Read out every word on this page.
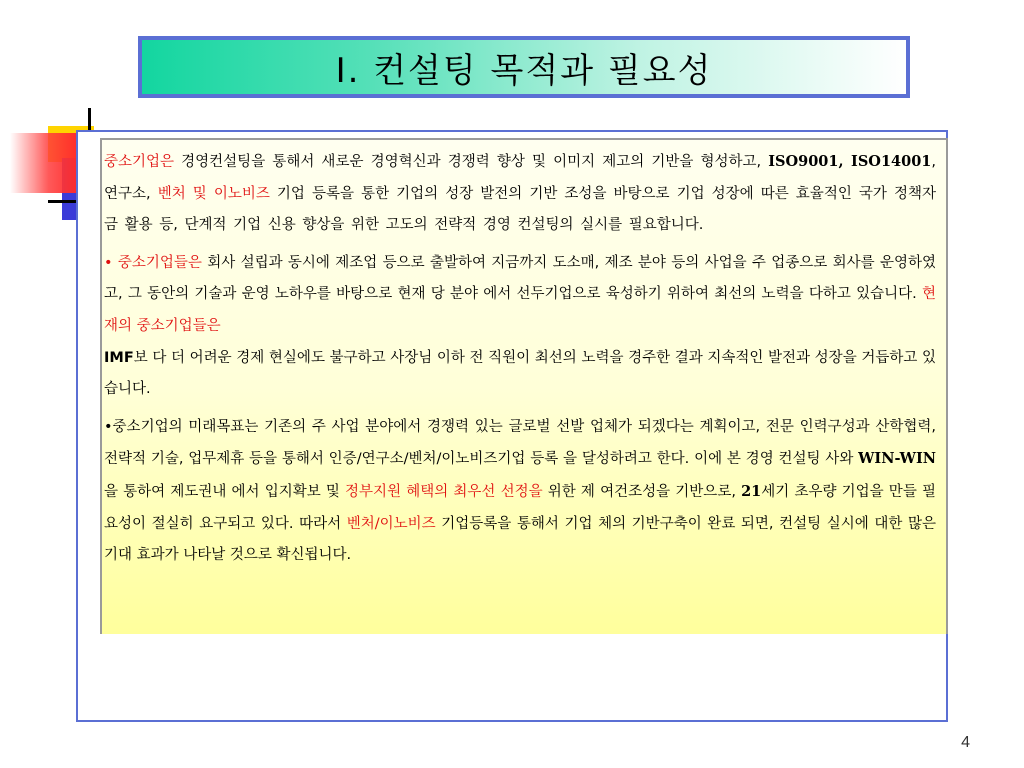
Ⅰ. 컨설팅 목적과 필요성

중소기업은 경영컨설팅을 통해서 새로운 경영혁신과 경쟁력 향상 및 이미지 제고의 기반을 형성하고, ISO9001, ISO14001, 연구소, 벤처 및 이노비즈 기업 등록을 통한 기업의 성장 발전의 기반 조성을 바탕으로 기업 성장에 따른 효율적인 국가 정책자금 활용 등, 단계적 기업 신용 향상을 위한 고도의 전략적 경영 컨설팅의 실시를 필요합니다.

• 중소기업들은 회사 설립과 동시에 제조업 등으로 출발하여 지금까지 도소매, 제조 분야 등의 사업을 주 업종으로 회사를 운영하였고, 그 동안의 기술과 운영 노하우를 바탕으로 현재 당 분야 에서 선두기업으로 육성하기 위하여 최선의 노력을 다하고 있습니다. 현재의 중소기업들은
IMF보 다 더 어려운 경제 현실에도 불구하고 사장님 이하 전 직원이 최선의 노력을 경주한 결과 지속적인 발전과 성장을 거듭하고 있습니다.

•중소기업의 미래목표는 기존의 주 사업 분야에서 경쟁력 있는 글로벌 선발 업체가 되겠다는 계획이고, 전문 인력구성과 산학협력, 전략적 기술, 업무제휴 등을 통해서 인증/연구소/벤처/이노비즈기업 등록 을 달성하려고 한다. 이에 본 경영 컨설팅 사와 WIN-WIN을 통하여 제도권내 에서 입지확보 및 정부지원 혜택의 최우선 선정을 위한 제 여건조성을 기반으로, 21세기 초우량 기업을 만들 필요성이 절실히 요구되고 있다. 따라서 벤처/이노비즈 기업등록을 통해서 기업 체의 기반구축이 완료 되면, 컨설팅 실시에 대한 많은 기대 효과가 나타날 것으로 확신됩니다.

4
